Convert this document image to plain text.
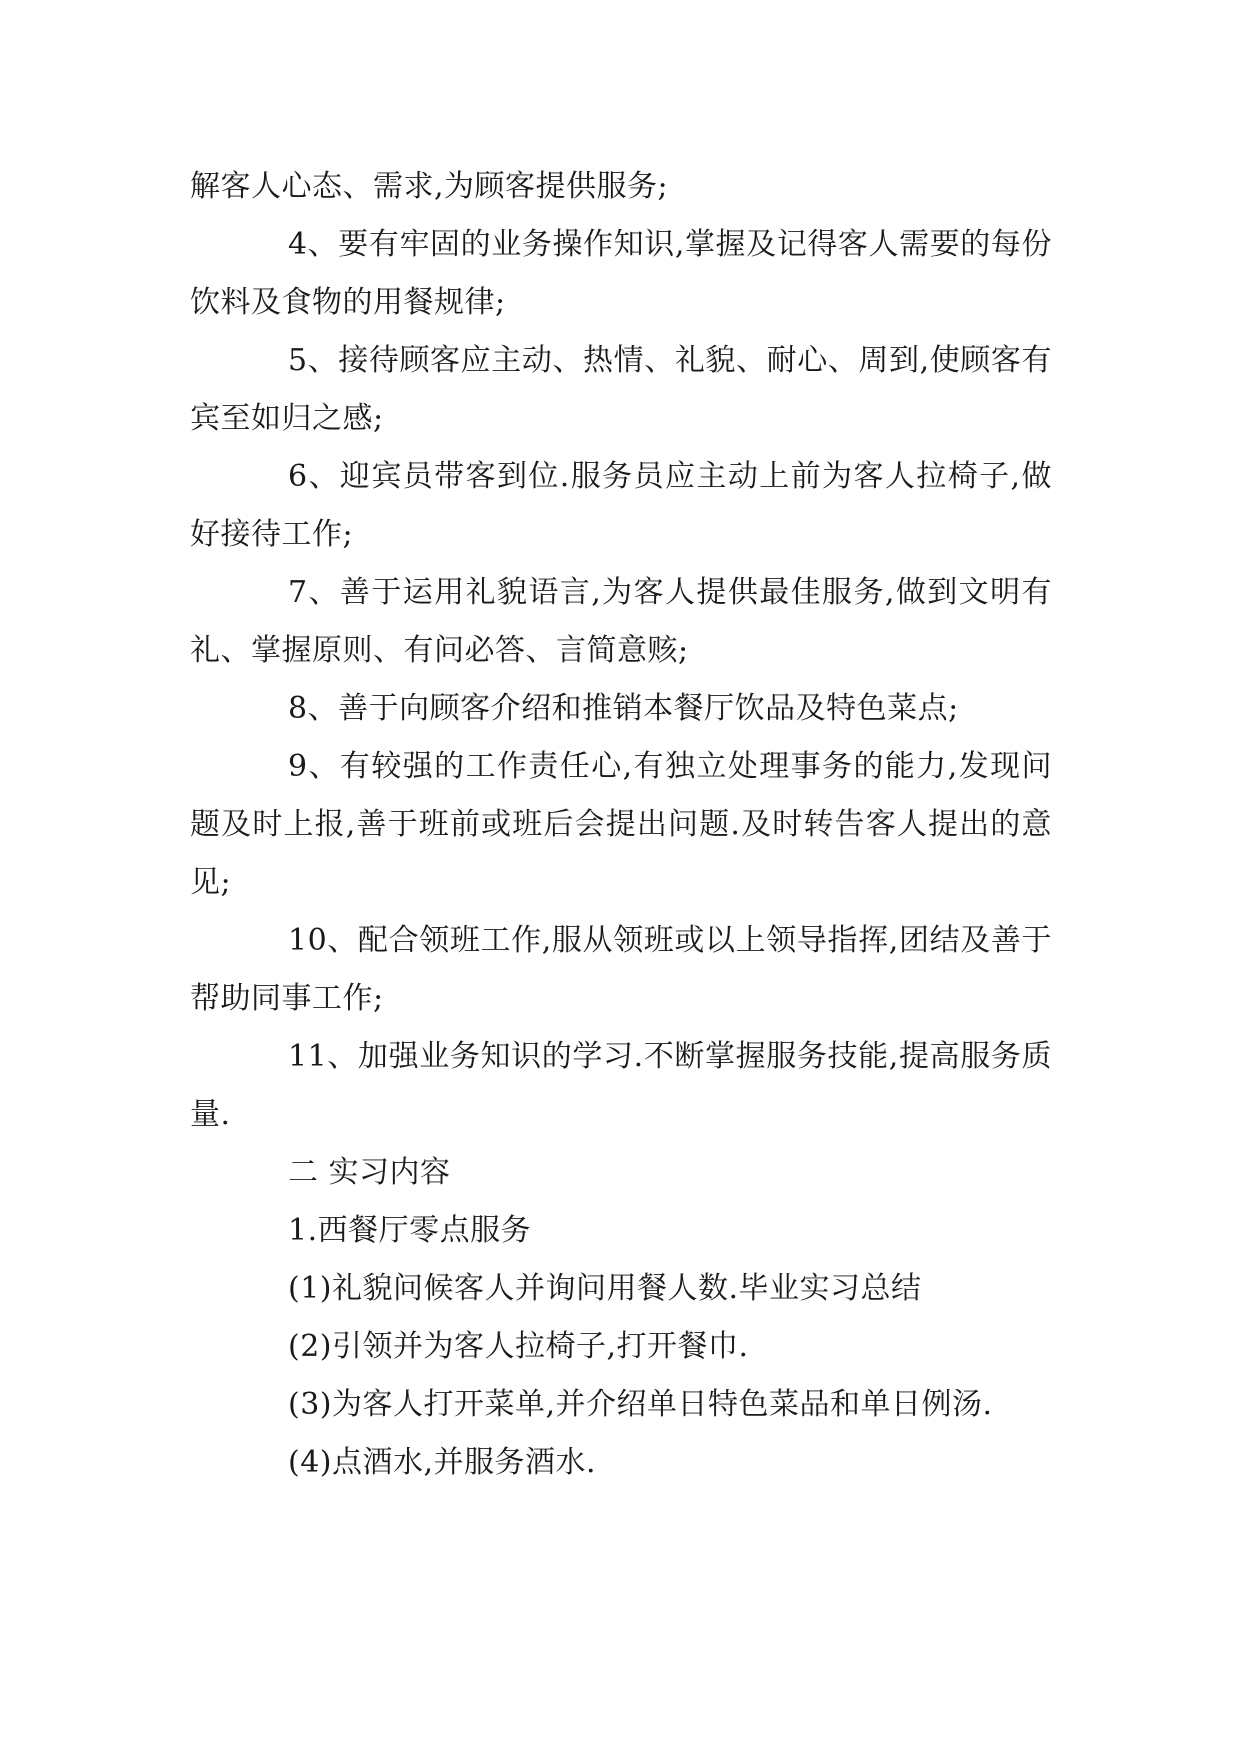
解客人心态、需求,为顾客提供服务;

4、要有牢固的业务操作知识,掌握及记得客人需要的每份饮料及食物的用餐规律;

5、接待顾客应主动、热情、礼貌、耐心、周到,使顾客有宾至如归之感;

6、迎宾员带客到位.服务员应主动上前为客人拉椅子,做好接待工作;

7、善于运用礼貌语言,为客人提供最佳服务,做到文明有礼、掌握原则、有问必答、言简意赅;

8、善于向顾客介绍和推销本餐厅饮品及特色菜点;

9、有较强的工作责任心,有独立处理事务的能力,发现问题及时上报,善于班前或班后会提出问题.及时转告客人提出的意见;

10、配合领班工作,服从领班或以上领导指挥,团结及善于帮助同事工作;

11、加强业务知识的学习.不断掌握服务技能,提高服务质量.

二 实习内容

1.西餐厅零点服务

(1)礼貌问候客人并询问用餐人数.毕业实习总结

(2)引领并为客人拉椅子,打开餐巾.

(3)为客人打开菜单,并介绍单日特色菜品和单日例汤.

(4)点酒水,并服务酒水.
